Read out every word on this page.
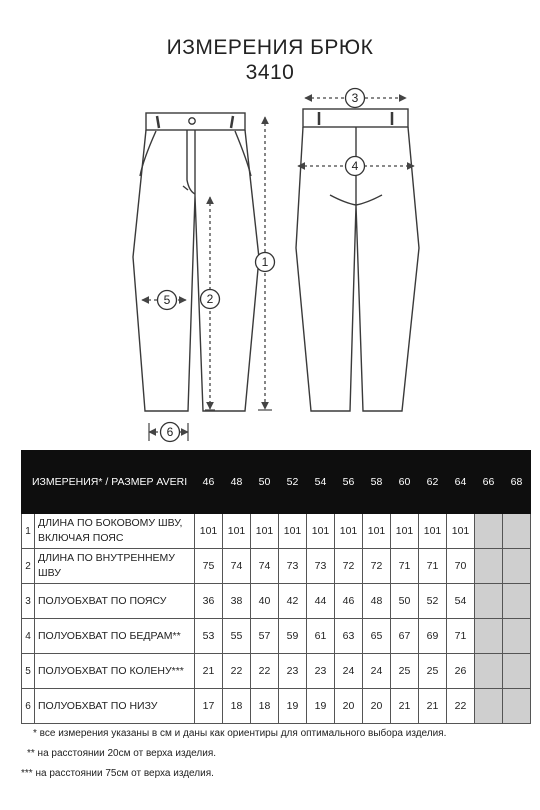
ИЗМЕРЕНИЯ БРЮК
3410
1
2
3
4
5
6
ИЗМЕРЕНИЯ* / РАЗМЕР AVERI		46	48	50	52	54	56	58	60	62	64	66	68
1	ДЛИНА ПО БОКОВОМУ ШВУ, ВКЛЮЧАЯ ПОЯС	101	101	101	101	101	101	101	101	101	101		
2	ДЛИНА ПО ВНУТРЕННЕМУ ШВУ	75	74	74	73	73	72	72	71	71	70		
3	ПОЛУОБХВАТ ПО ПОЯСУ	36	38	40	42	44	46	48	50	52	54		
4	ПОЛУОБХВАТ ПО БЕДРАМ**	53	55	57	59	61	63	65	67	69	71		
5	ПОЛУОБХВАТ ПО КОЛЕНУ***	21	22	22	23	23	24	24	25	25	26		
6	ПОЛУОБХВАТ ПО НИЗУ	17	18	18	19	19	20	20	21	21	22		
* все измерения указаны в см и даны как ориентиры для оптимального выбора изделия.
** на расстоянии 20см от верха изделия.
*** на расстоянии 75см от верха изделия.
